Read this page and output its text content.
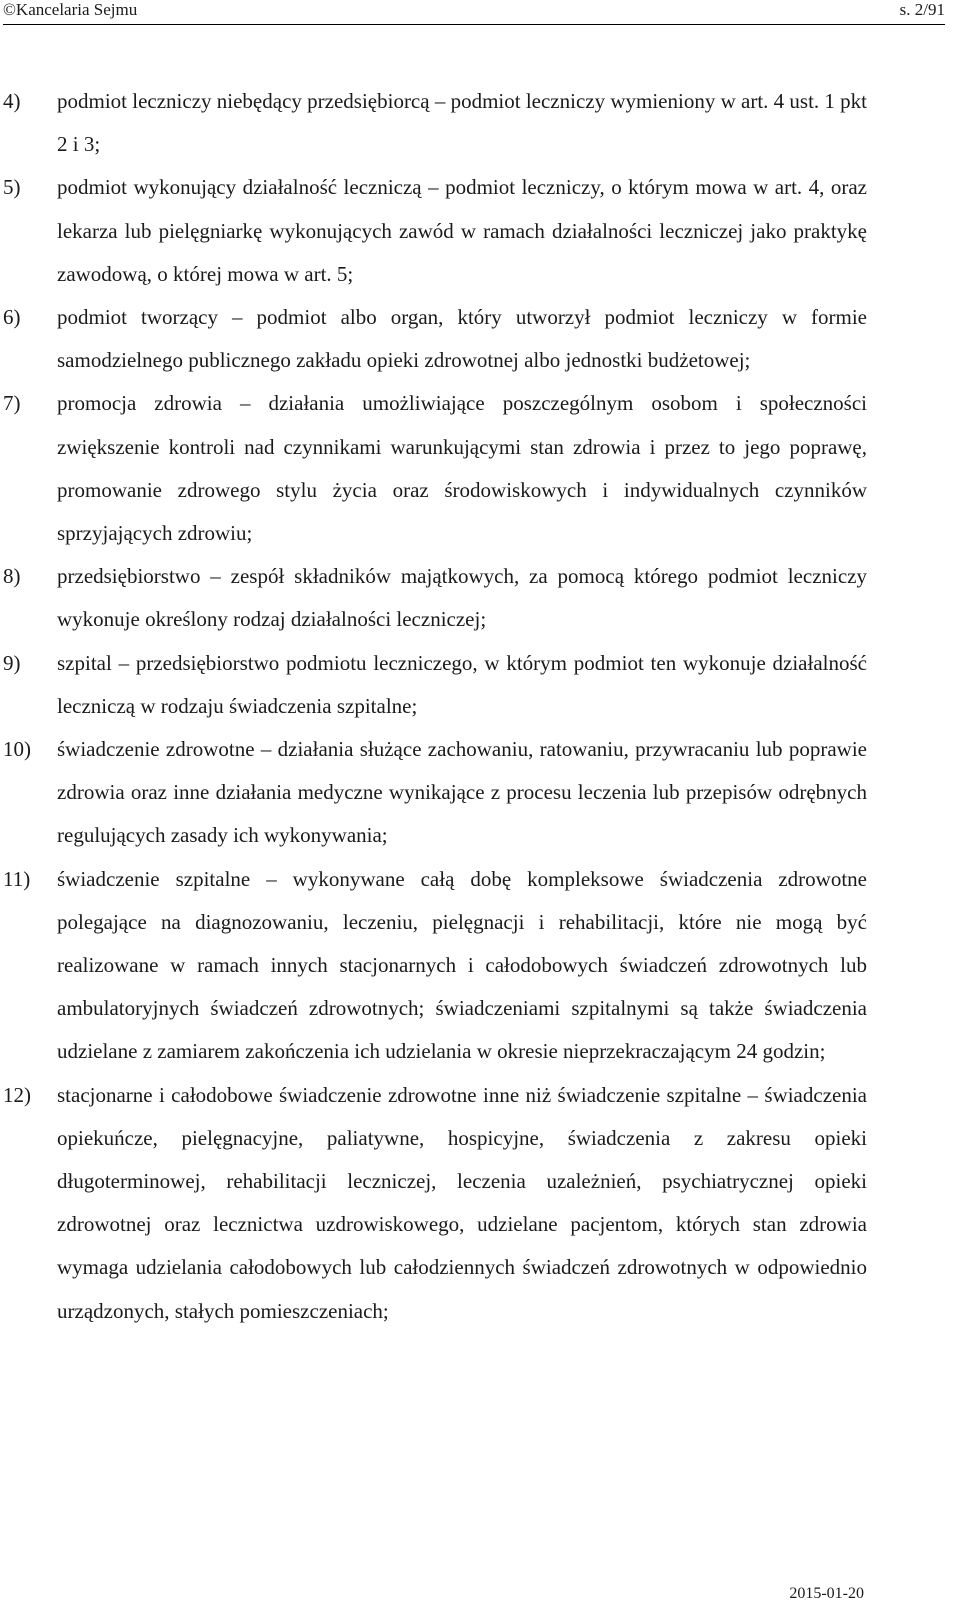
©Kancelaria Sejmu	s. 2/91
4) podmiot leczniczy niebędący przedsiębiorcą – podmiot leczniczy wymieniony w art. 4 ust. 1 pkt 2 i 3;
5) podmiot wykonujący działalność leczniczą – podmiot leczniczy, o którym mowa w art. 4, oraz lekarza lub pielęgniarkę wykonujących zawód w ramach działalności leczniczej jako praktykę zawodową, o której mowa w art. 5;
6) podmiot tworzący – podmiot albo organ, który utworzył podmiot leczniczy w formie samodzielnego publicznego zakładu opieki zdrowotnej albo jednostki budżetowej;
7) promocja zdrowia – działania umożliwiające poszczególnym osobom i społeczności zwiększenie kontroli nad czynnikami warunkującymi stan zdrowia i przez to jego poprawę, promowanie zdrowego stylu życia oraz środowiskowych i indywidualnych czynników sprzyjających zdrowiu;
8) przedsiębiorstwo – zespół składników majątkowych, za pomocą którego podmiot leczniczy wykonuje określony rodzaj działalności leczniczej;
9) szpital – przedsiębiorstwo podmiotu leczniczego, w którym podmiot ten wykonuje działalność leczniczą w rodzaju świadczenia szpitalne;
10) świadczenie zdrowotne – działania służące zachowaniu, ratowaniu, przywracaniu lub poprawie zdrowia oraz inne działania medyczne wynikające z procesu leczenia lub przepisów odrębnych regulujących zasady ich wykonywania;
11) świadczenie szpitalne – wykonywane całą dobę kompleksowe świadczenia zdrowotne polegające na diagnozowaniu, leczeniu, pielęgnacji i rehabilitacji, które nie mogą być realizowane w ramach innych stacjonarnych i całodobowych świadczeń zdrowotnych lub ambulatoryjnych świadczeń zdrowotnych; świadczeniami szpitalnymi są także świadczenia udzielane z zamiarem zakończenia ich udzielania w okresie nieprzekraczającym 24 godzin;
12) stacjonarne i całodobowe świadczenie zdrowotne inne niż świadczenie szpitalne – świadczenia opiekuńcze, pielęgnacyjne, paliatywne, hospicyjne, świadczenia z zakresu opieki długoterminowej, rehabilitacji leczniczej, leczenia uzależnień, psychiatrycznej opieki zdrowotnej oraz lecznictwa uzdrowiskowego, udzielane pacjentom, których stan zdrowia wymaga udzielania całodobowych lub całodziennych świadczeń zdrowotnych w odpowiednio urządzonych, stałych pomieszczeniach;
2015-01-20
